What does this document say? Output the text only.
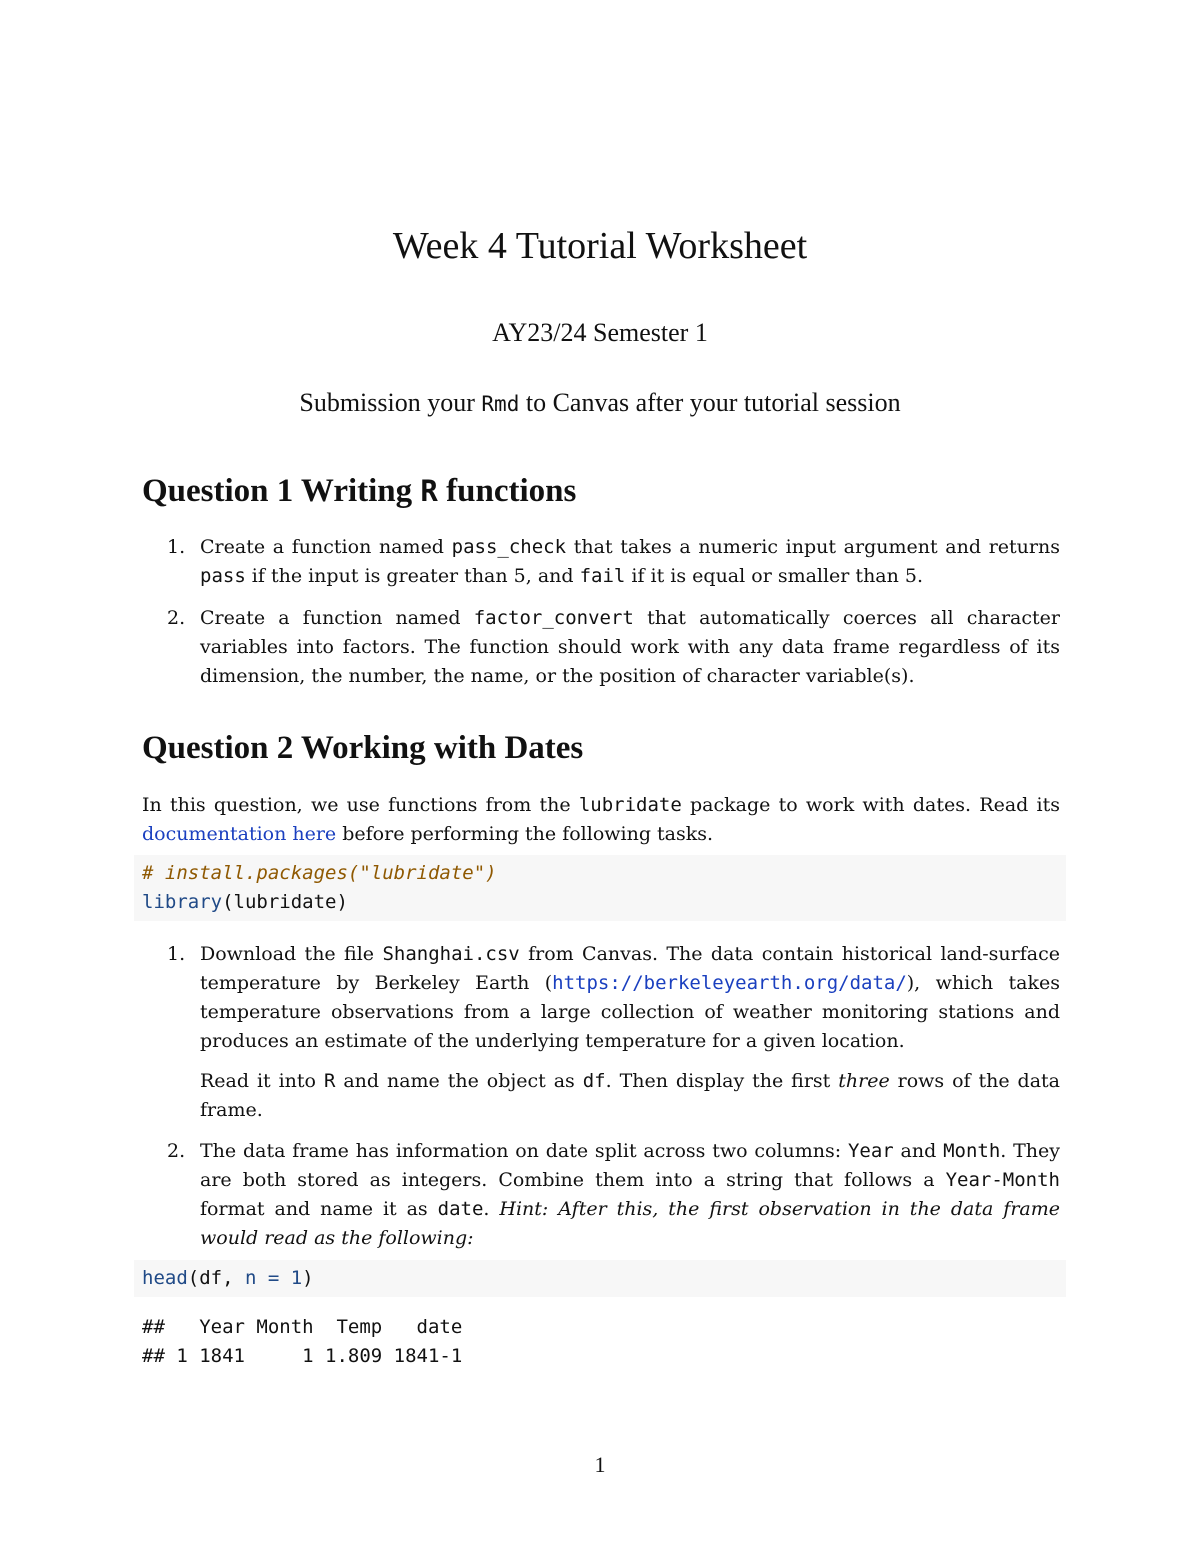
Week 4 Tutorial Worksheet
AY23/24 Semester 1
Submission your Rmd to Canvas after your tutorial session
Question 1 Writing R functions
1. Create a function named pass_check that takes a numeric input argument and returns pass if the input is greater than 5, and fail if it is equal or smaller than 5.
2. Create a function named factor_convert that automatically coerces all character variables into factors. The function should work with any data frame regardless of its dimension, the number, the name, or the position of character variable(s).
Question 2 Working with Dates
In this question, we use functions from the lubridate package to work with dates. Read its documentation here before performing the following tasks.
# install.packages("lubridate")
library(lubridate)
1. Download the file Shanghai.csv from Canvas. The data contain historical land-surface temperature by Berkeley Earth (https://berkeleyearth.org/data/), which takes temperature observations from a large collection of weather monitoring stations and produces an estimate of the underlying temperature for a given location.
Read it into R and name the object as df. Then display the first three rows of the data frame.
2. The data frame has information on date split across two columns: Year and Month. They are both stored as integers. Combine them into a string that follows a Year-Month format and name it as date. Hint: After this, the first observation in the data frame would read as the following:
head(df, n = 1)
##   Year Month  Temp   date
## 1 1841     1 1.809 1841-1
1
